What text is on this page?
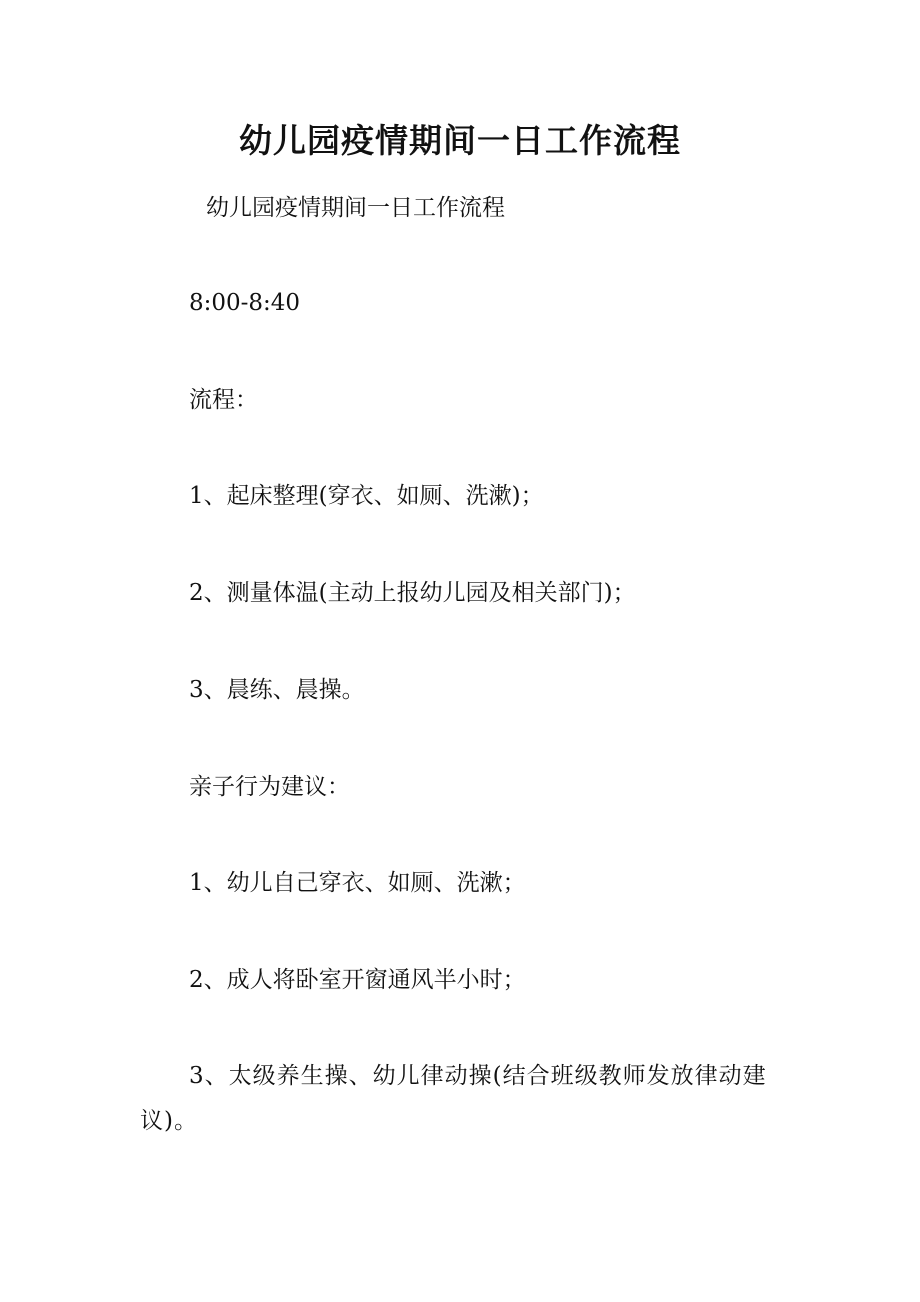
幼儿园疫情期间一日工作流程
幼儿园疫情期间一日工作流程
8:00-8:40
流程：
1、起床整理(穿衣、如厕、洗漱)；
2、测量体温(主动上报幼儿园及相关部门)；
3、晨练、晨操。
亲子行为建议：
1、幼儿自己穿衣、如厕、洗漱；
2、成人将卧室开窗通风半小时；
3、太级养生操、幼儿律动操(结合班级教师发放律动建议)。
